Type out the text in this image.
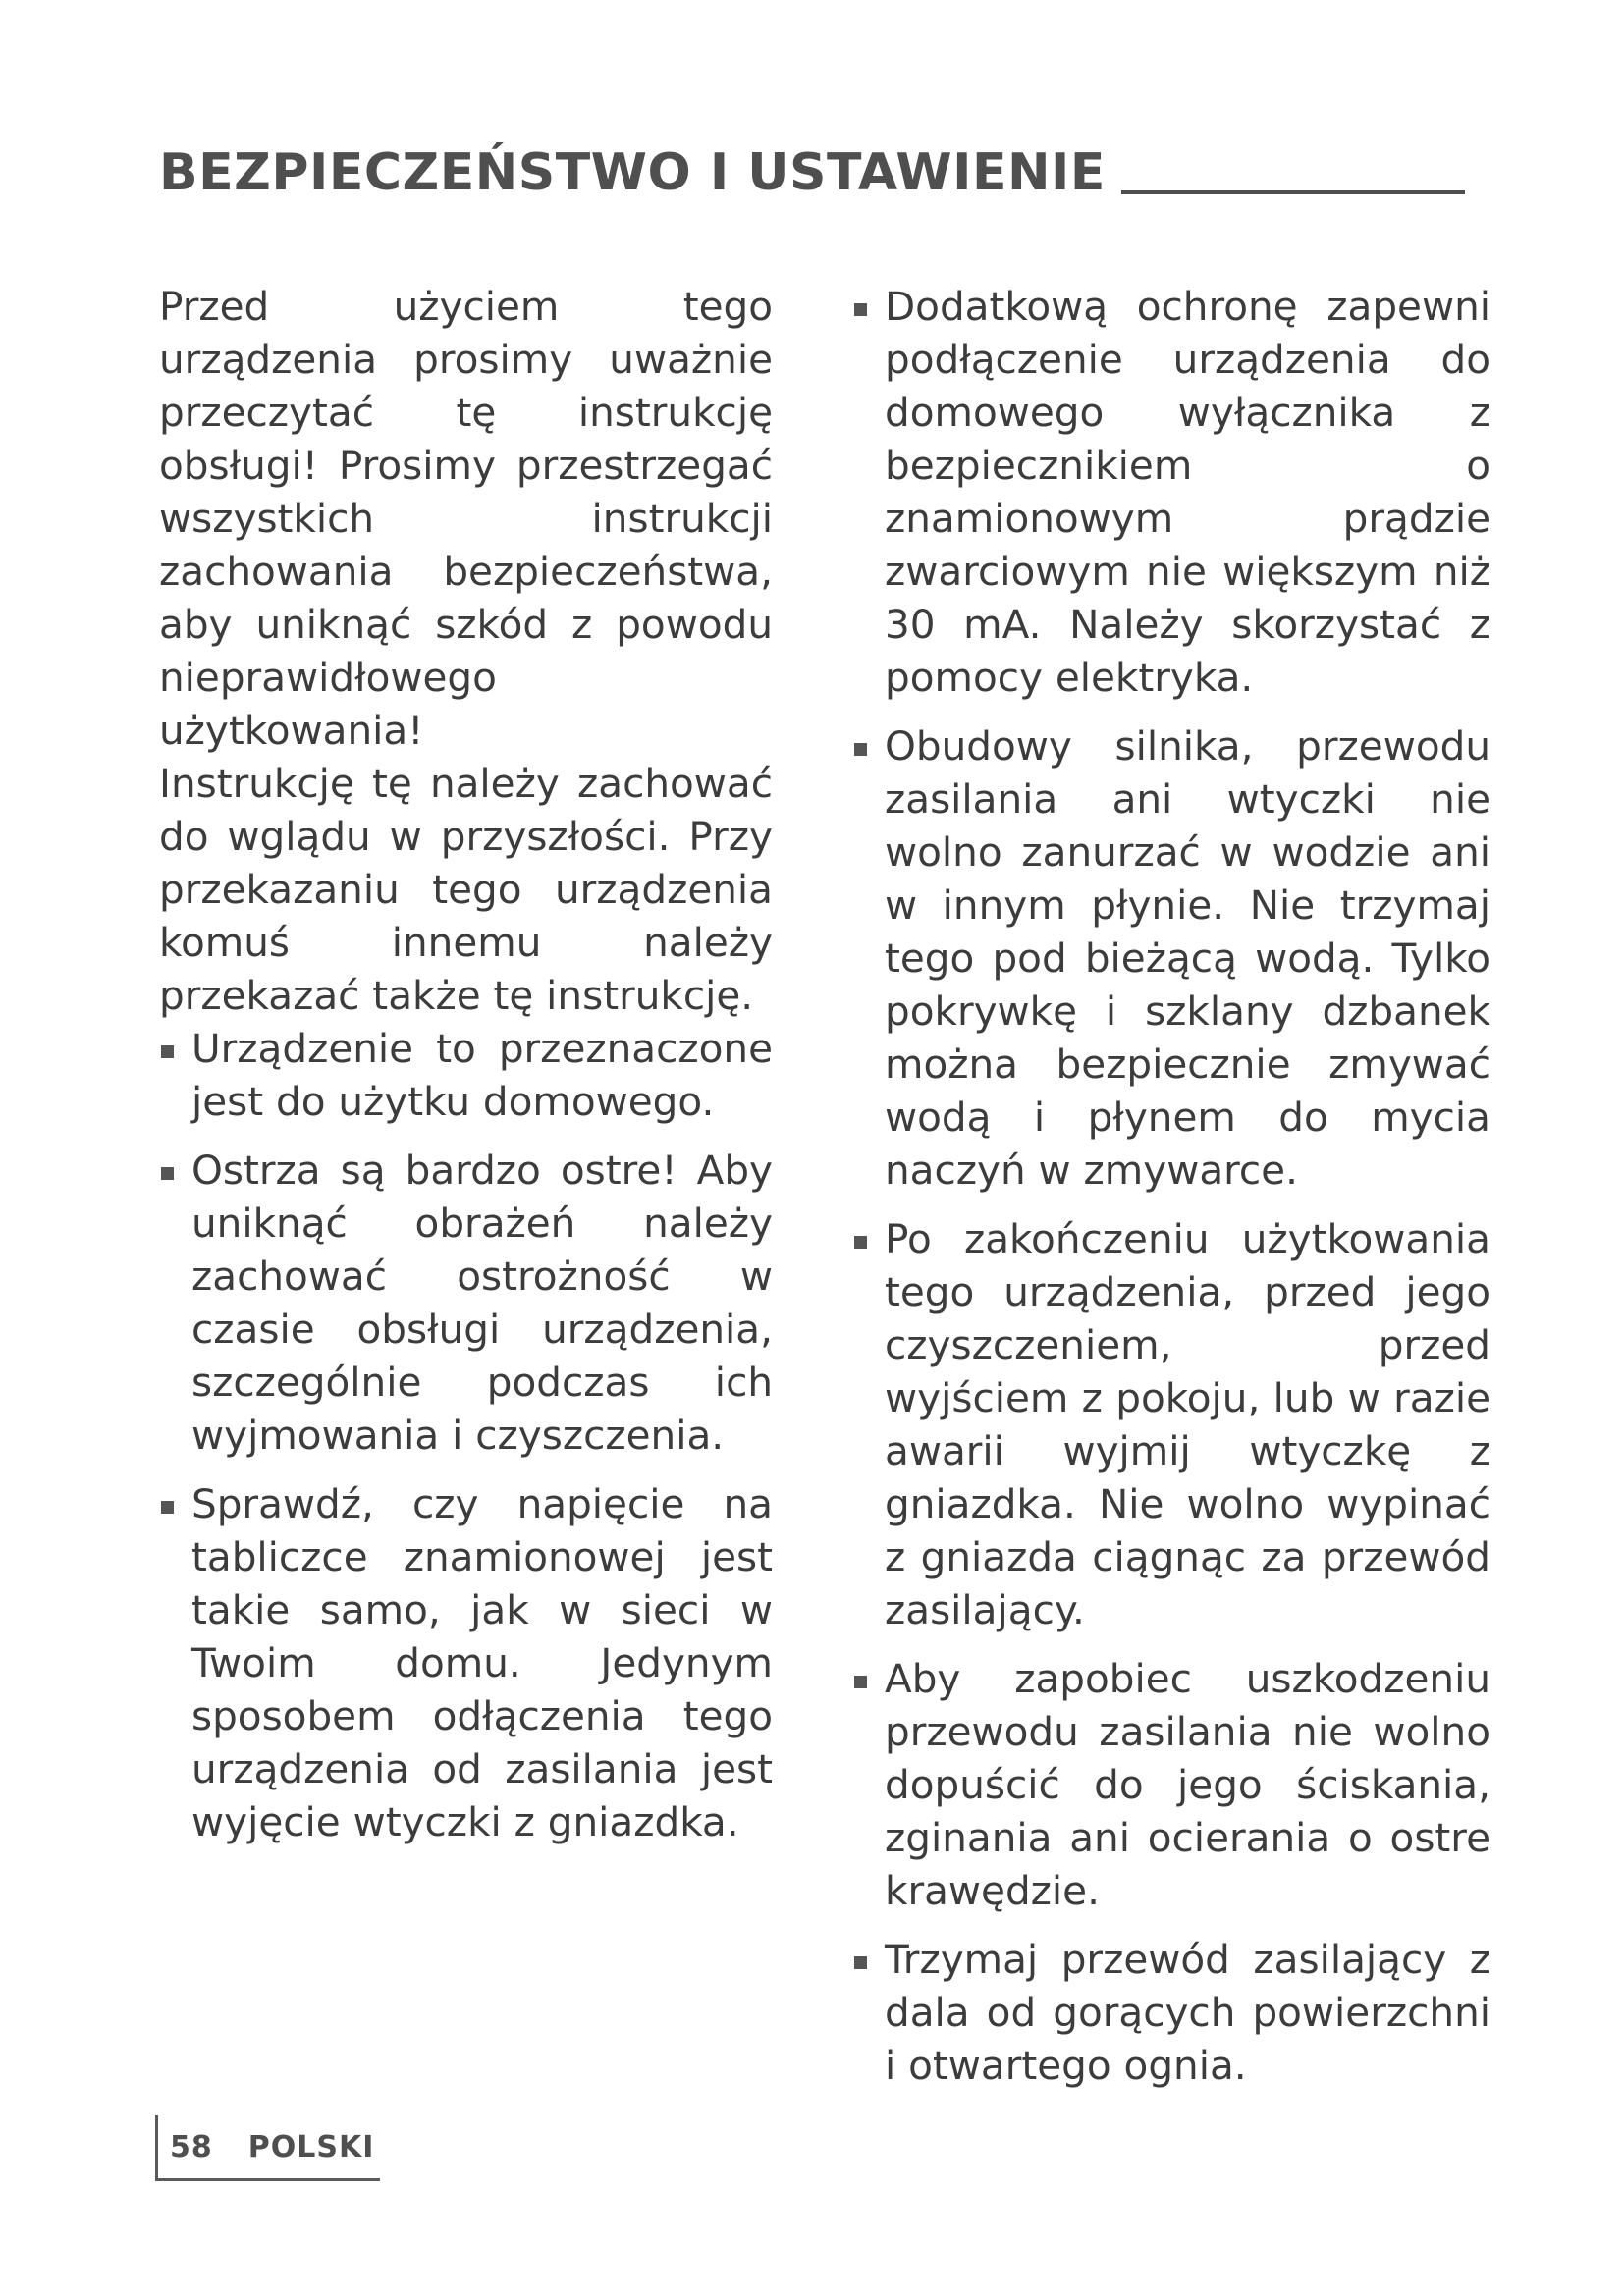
BEZPIECZEŃSTWO I USTAWIENIE

Przed użyciem tego urządzenia prosimy uważnie przeczytać tę instrukcję obsługi! Prosimy przestrzegać wszystkich instrukcji zachowania bezpieczeństwa, aby uniknąć szkód z powodu nieprawidłowego użytkowania!

Instrukcję tę należy zachować do wglądu w przyszłości. Przy przekazaniu tego urządzenia komuś innemu należy przekazać także tę instrukcję.

Urządzenie to przeznaczone jest do użytku domowego.
Ostrza są bardzo ostre! Aby uniknąć obrażeń należy zachować ostrożność w czasie obsługi urządzenia, szczególnie podczas ich wyjmowania i czyszczenia.
Sprawdź, czy napięcie na tabliczce znamionowej jest takie samo, jak w sieci w Twoim domu. Jedynym sposobem odłączenia tego urządzenia od zasilania jest wyjęcie wtyczki z gniazdka.
Dodatkową ochronę zapewni podłączenie urządzenia do domowego wyłącznika z bezpiecznikiem o znamionowym prądzie zwarciowym nie większym niż 30 mA. Należy skorzystać z pomocy elektryka.
Obudowy silnika, przewodu zasilania ani wtyczki nie wolno zanurzać w wodzie ani w innym płynie. Nie trzymaj tego pod bieżącą wodą. Tylko pokrywkę i szklany dzbanek można bezpiecznie zmywać wodą i płynem do mycia naczyń w zmywarce.
Po zakończeniu użytkowania tego urządzenia, przed jego czyszczeniem, przed wyjściem z pokoju, lub w razie awarii wyjmij wtyczkę z gniazdka. Nie wolno wypinać z gniazda ciągnąc za przewód zasilający.
Aby zapobiec uszkodzeniu przewodu zasilania nie wolno dopuścić do jego ściskania, zginania ani ocierania o ostre krawędzie.
Trzymaj przewód zasilający z dala od gorących powierzchni i otwartego ognia.
58 POLSKI
